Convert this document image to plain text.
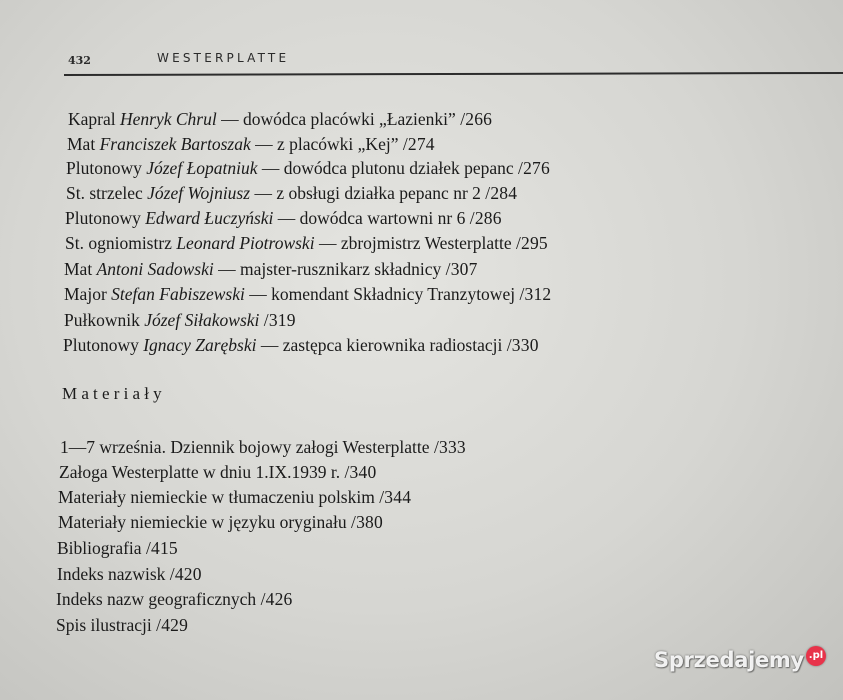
432	WESTERPLATTE
Kapral Henryk Chrul — dowódca placówki „Łazienki” /266
Mat Franciszek Bartoszak — z placówki „Kej” /274
Plutonowy Józef Łopatniuk — dowódca plutonu działek pepanc /276
St. strzelec Józef Wojniusz — z obsługi działka pepanc nr 2 /284
Plutonowy Edward Łuczyński — dowódca wartowni nr 6 /286
St. ogniomistrz Leonard Piotrowski — zbrojmistrz Westerplatte /295
Mat Antoni Sadowski — majster-rusznikarz składnicy /307
Major Stefan Fabiszewski — komendant Składnicy Tranzytowej /312
Pułkownik Józef Siłakowski /319
Plutonowy Ignacy Zarębski — zastępca kierownika radiostacji /330
Materiały
1—7 września. Dziennik bojowy załogi Westerplatte /333
Załoga Westerplatte w dniu 1.IX.1939 r. /340
Materiały niemieckie w tłumaczeniu polskim /344
Materiały niemieckie w języku oryginału /380
Bibliografia /415
Indeks nazwisk /420
Indeks nazw geograficznych /426
Spis ilustracji /429
Sprzedajemy .pl
